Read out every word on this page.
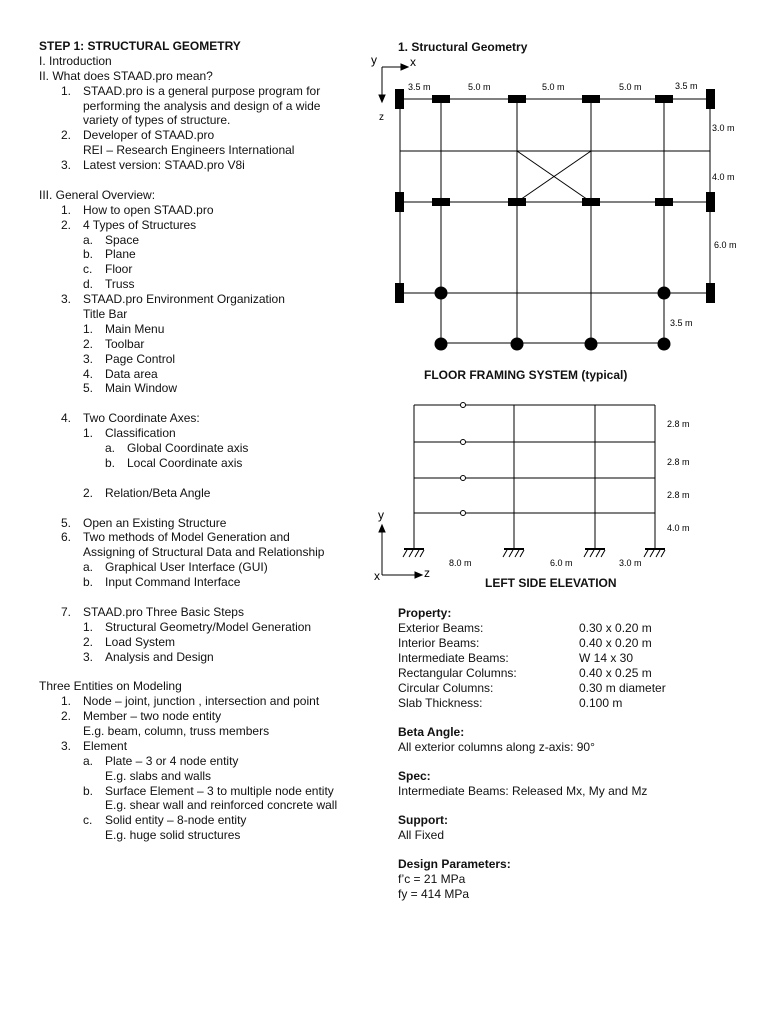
STEP 1: STRUCTURAL GEOMETRY
I. Introduction
II. What does STAAD.pro mean?
1. STAAD.pro is a general purpose program for
performing the analysis and design of a wide
variety of types of structure.
2. Developer of STAAD.pro
REI – Research Engineers International
3. Latest version: STAAD.pro V8i
III. General Overview:
1. How to open STAAD.pro
2. 4 Types of Structures
a. Space
b. Plane
c. Floor
d. Truss
3. STAAD.pro Environment Organization
Title Bar
1. Main Menu
2. Toolbar
3. Page Control
4. Data area
5. Main Window
4. Two Coordinate Axes:
1. Classification
a. Global Coordinate axis
b. Local Coordinate axis
2. Relation/Beta Angle
5. Open an Existing Structure
6. Two methods of Model Generation and
Assigning of Structural Data and Relationship
a. Graphical User Interface (GUI)
b. Input Command Interface
7. STAAD.pro Three Basic Steps
1. Structural Geometry/Model Generation
2. Load System
3. Analysis and Design
Three Entities on Modeling
1. Node – joint, junction , intersection and point
2. Member – two node entity
E.g. beam, column, truss members
3. Element
a. Plate – 3 or 4 node entity
E.g. slabs and walls
b. Surface Element – 3 to multiple node entity
E.g. shear wall and reinforced concrete wall
c. Solid entity – 8-node entity
E.g. huge solid structures
1. Structural Geometry
y	x
z
3.5 m	5.0 m	5.0 m	5.0 m	3.5 m
3.0 m
4.0 m
6.0 m
3.5 m
FLOOR FRAMING SYSTEM (typical)
y
x	z
2.8 m
2.8 m
2.8 m
4.0 m
8.0 m	6.0 m	3.0 m
LEFT SIDE ELEVATION
Property:
Exterior Beams:	0.30 x 0.20 m
Interior Beams:	0.40 x 0.20 m
Intermediate Beams:	W 14 x 30
Rectangular Columns:	0.40 x 0.25 m
Circular Columns:	0.30 m diameter
Slab Thickness:	0.100 m
Beta Angle:
All exterior columns along z-axis: 90°
Spec:
Intermediate Beams: Released Mx, My and Mz
Support:
All Fixed
Design Parameters:
f’c = 21 MPa
fy = 414 MPa
